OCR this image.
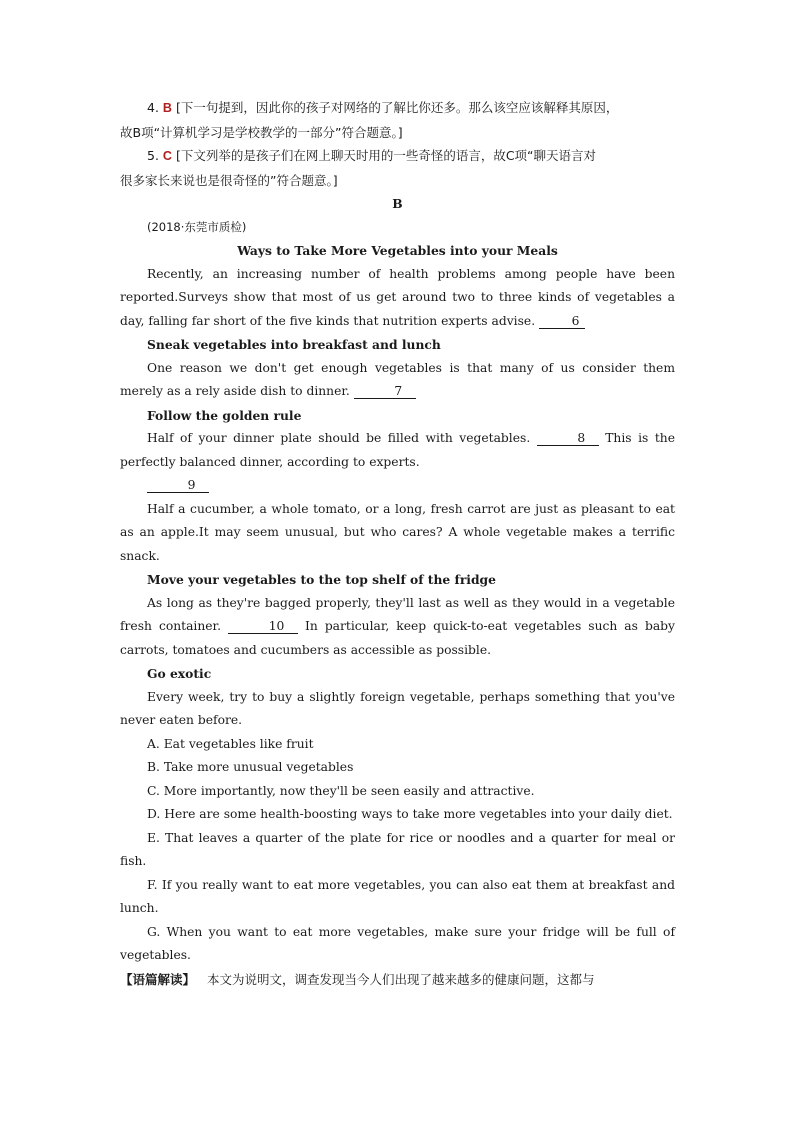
4. B [下一句提到，因此你的孩子对网络的了解比你还多。那么该空应该解释其原因，

故B项“计算机学习是学校教学的一部分”符合题意。]

5. C [下文列举的是孩子们在网上聊天时用的一些奇怪的语言，故C项“聊天语言对

很多家长来说也是很奇怪的”符合题意。]

B

(2018·东莞市质检)

Ways to Take More Vegetables into your Meals

Recently, an increasing number of health problems among people have been reported.Surveys show that most of us get around two to three kinds of vegetables a day, falling far short of the five kinds that nutrition experts advise.	6

Sneak vegetables into breakfast and lunch

One reason we don't get enough vegetables is that many of us consider them merely as a rely aside dish to dinner.	7

Follow the golden rule

Half of your dinner plate should be filled with vegetables.	8 This is the perfectly balanced dinner, according to experts.

9

Half a cucumber, a whole tomato, or a long, fresh carrot are just as pleasant to eat as an apple.It may seem unusual, but who cares? A whole vegetable makes a terrific snack.

Move your vegetables to the top shelf of the fridge

As long as they're bagged properly, they'll last as well as they would in a vegetable fresh container.	10 In particular, keep quick-to-eat vegetables such as baby carrots, tomatoes and cucumbers as accessible as possible.

Go exotic

Every week, try to buy a slightly foreign vegetable, perhaps something that you've never eaten before.

A. Eat vegetables like fruit

B. Take more unusual vegetables

C. More importantly, now they'll be seen easily and attractive.

D. Here are some health-boosting ways to take more vegetables into your daily diet.

E. That leaves a quarter of the plate for rice or noodles and a quarter for meal or fish.

F. If you really want to eat more vegetables, you can also eat them at breakfast and lunch.

G. When you want to eat more vegetables, make sure your fridge will be full of vegetables.

【语篇解读】 本文为说明文，调查发现当今人们出现了越来越多的健康问题，这都与
